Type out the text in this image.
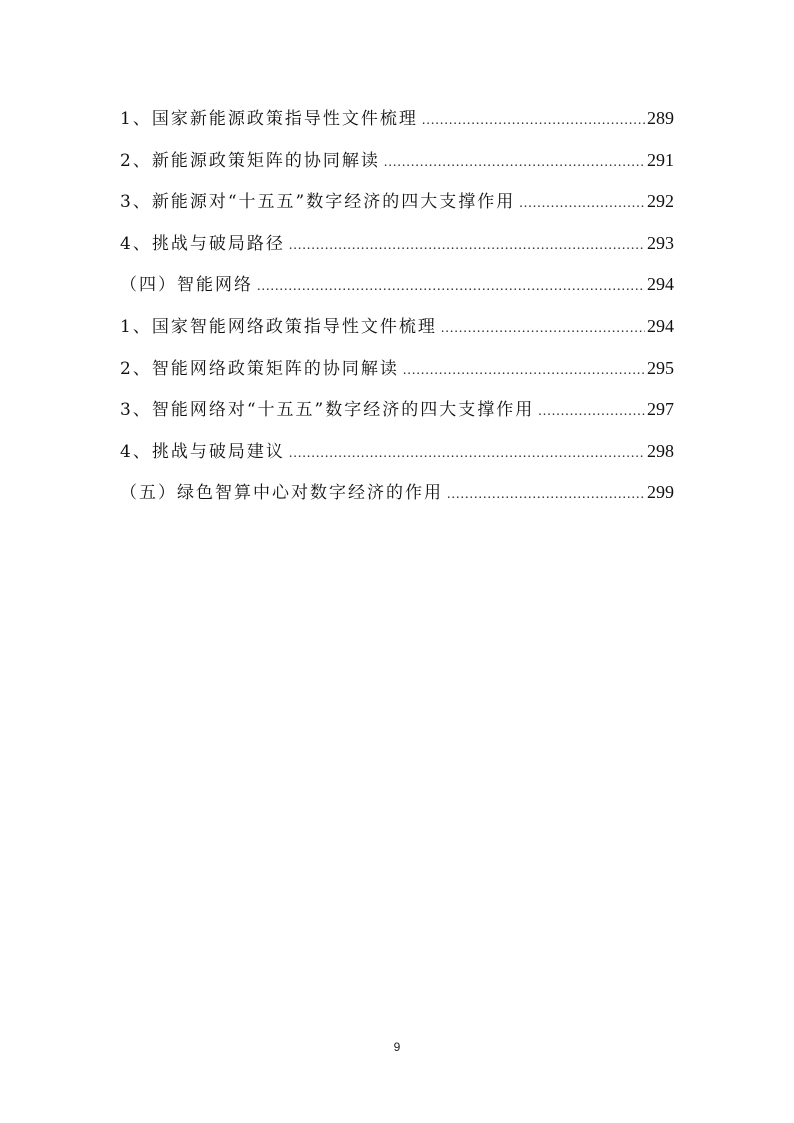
1、国家新能源政策指导性文件梳理 .....	289
2、新能源政策矩阵的协同解读 .....	291
3、新能源对“十五五”数字经济的四大支撑作用 .....	292
4、挑战与破局路径 .....	293
（四）智能网络 .....	294
1、国家智能网络政策指导性文件梳理 .....	294
2、智能网络政策矩阵的协同解读 .....	295
3、智能网络对“十五五”数字经济的四大支撑作用 .....	297
4、挑战与破局建议 .....	298
（五）绿色智算中心对数字经济的作用 .....	299
9
